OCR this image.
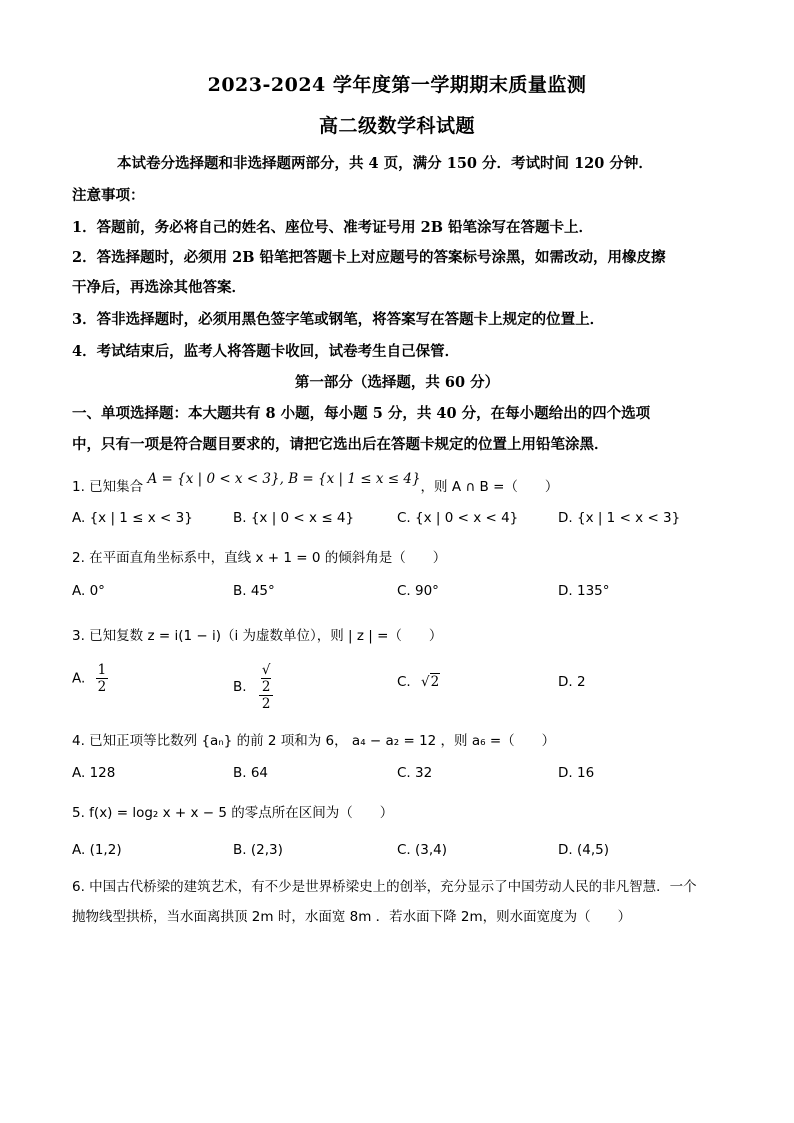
2023-2024 学年度第一学期期末质量监测
高二级数学科试题
本试卷分选择题和非选择题两部分，共 4 页，满分 150 分．考试时间 120 分钟．
注意事项：
1．答题前，务必将自己的姓名、座位号、准考证号用 2B 铅笔涂写在答题卡上．
2．答选择题时，必须用 2B 铅笔把答题卡上对应题号的答案标号涂黑，如需改动，用橡皮擦
干净后，再选涂其他答案．
3．答非选择题时，必须用黑色签字笔或钢笔，将答案写在答题卡上规定的位置上．
4．考试结束后，监考人将答题卡收回，试卷考生自己保管．
第一部分（选择题，共 60 分）
一、单项选择题：本大题共有 8 小题，每小题 5 分，共 40 分，在每小题给出的四个选项
中，只有一项是符合题目要求的，请把它选出后在答题卡规定的位置上用铅笔涂黑．
1. 已知集合 A = {x | 0 < x < 3}, B = {x | 1 ≤ x ≤ 4}，则 A ∩ B =（　　）
A. {x | 1 ≤ x < 3}	B. {x | 0 < x ≤ 4}	C. {x | 0 < x < 4}	D. {x | 1 < x < 3}
2. 在平面直角坐标系中，直线 x + 1 = 0 的倾斜角是（　　）
A. 0°	B. 45°	C. 90°	D. 135°
3. 已知复数 z = i(1 − i)（i 为虚数单位），则 | z | =（　　）
A. $\frac{1}{2}$	B. √
2
2	C. √2	D. 2
4. 已知正项等比数列 {aₙ} 的前 2 项和为 6， a₄ − a₂ = 12 ，则 a₆ =（　　）
A. 128	B. 64	C. 32	D. 16
5. f(x) = log₂ x + x − 5 的零点所在区间为（　　）
A. (1,2)	B. (2,3)	C. (3,4)	D. (4,5)
6. 中国古代桥梁的建筑艺术，有不少是世界桥梁史上的创举，充分显示了中国劳动人民的非凡智慧．一个
抛物线型拱桥，当水面离拱顶 2m 时，水面宽 8m ．若水面下降 2m，则水面宽度为（　　）
